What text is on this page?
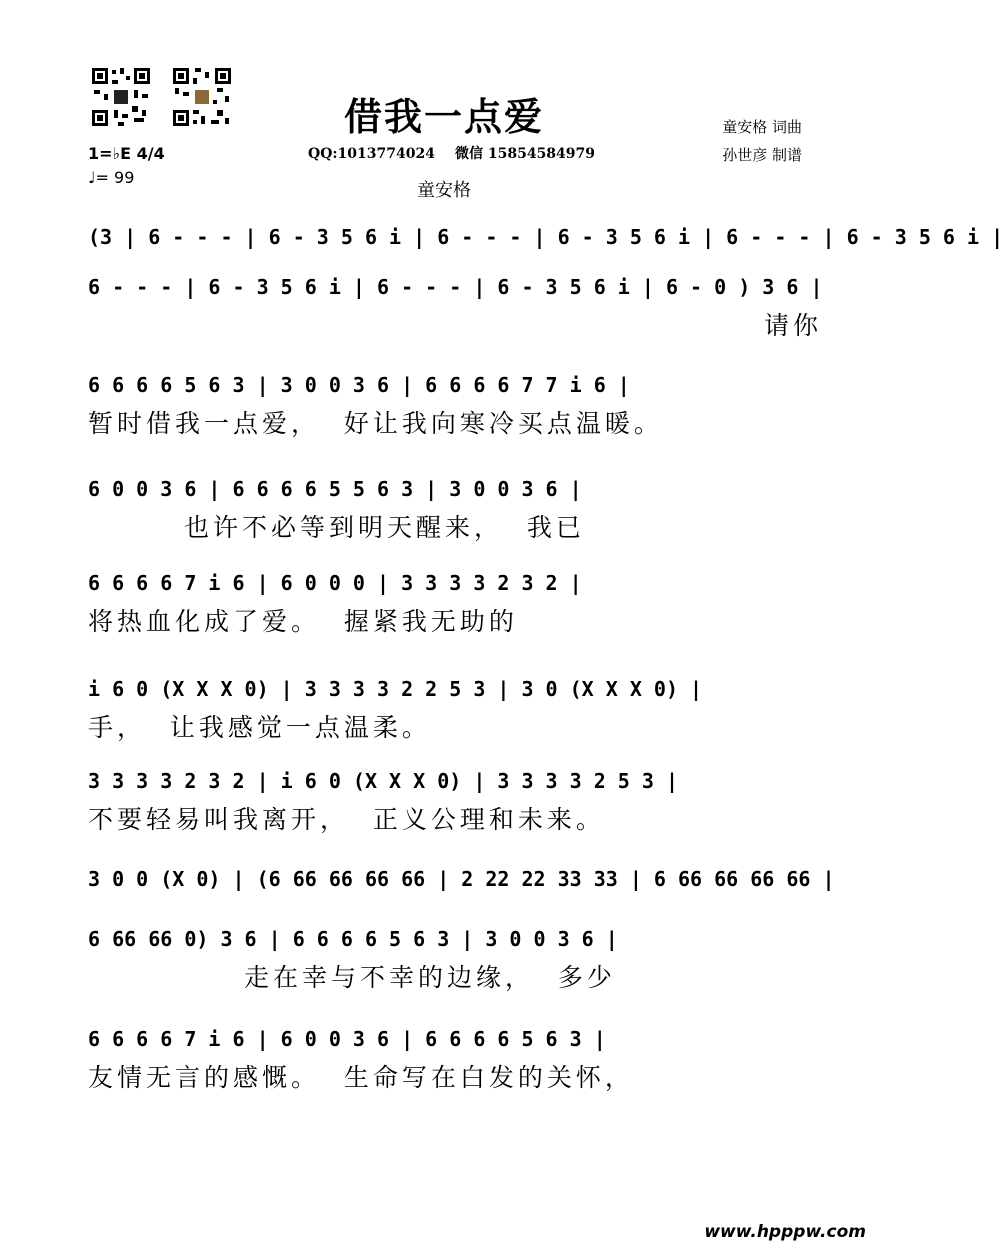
借我一点爱
QQ:1013774024 微信 15854584979
童安格
童安格 词曲
孙世彦 制谱
1=♭E 4/4
♩= 99
(3 | 6 - - - | 6 - 3 5 6 i | 6 - - - | 6 - 3 5 6 i | 6 - - - | 6 - 3 5 6 i |
6 - - - | 6 - 3 5 6 i | 6 - - - | 6 - 3 5 6 i | 6 - 0 ) 3 6 |
请你
6 6 6 6 5 6 3 | 3 0 0 3 6 | 6 6 6 6 7 7 i 6 |
暂时借我一点爱，  好让我向寒冷买点温暖。
6 0 0 3 6 | 6 6 6 6 5 5 6 3 | 3 0 0 3 6 |
也许不必等到明天醒来，  我已
6 6 6 6 7 i 6 | 6 0 0 0 | 3 3 3 3 2 3 2 |
将热血化成了爱。  握紧我无助的
i 6 0 (X X X 0) | 3 3 3 3 2 2 5 3 | 3 0 (X X X 0) |
手，  让我感觉一点温柔。
3 3 3 3 2 3 2 | i 6 0 (X X X 0) | 3 3 3 3 2 5 3 |
不要轻易叫我离开，  正义公理和未来。
3 0 0 (X 0) | (6 66 66 66 66 | 2 22 22 33 33 | 6 66 66 66 66 |
6 66 66 0) 3 6 | 6 6 6 6 5 6 3 | 3 0 0 3 6 |
走在幸与不幸的边缘，  多少
6 6 6 6 7 i 6 | 6 0 0 3 6 | 6 6 6 6 5 6 3 |
友情无言的感慨。  生命写在白发的关怀，
www.hpppw.com
